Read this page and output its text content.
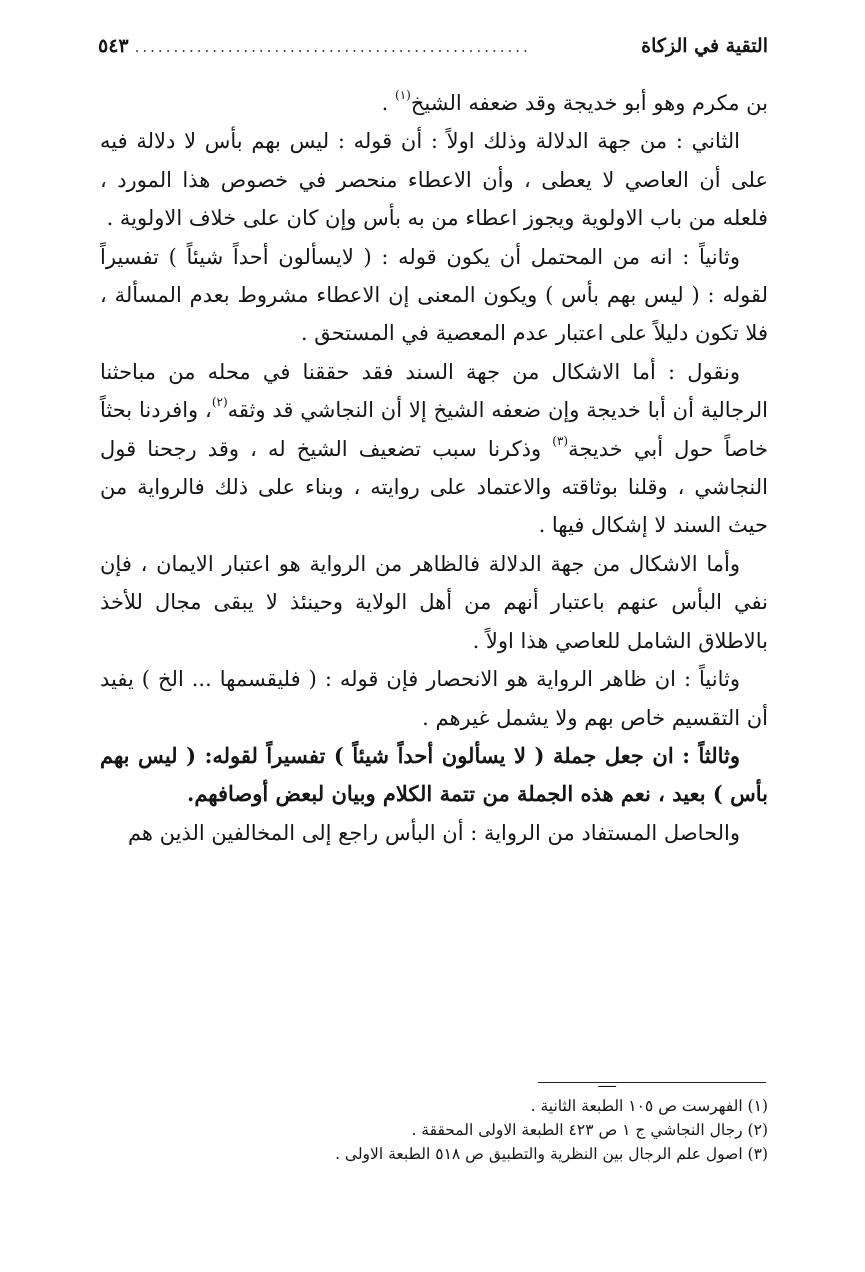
التقية في الزكاة
...................................................
٥٤٣

بن مكرم وهو أبو خديجة وقد ضعفه الشيخ$^{(١)}$ .

الثاني : من جهة الدلالة وذلك اولاً : أن قوله : ليس بهم بأس لا دلالة فيه على أن العاصي لا يعطى ، وأن الاعطاء منحصر في خصوص هذا المورد ، فلعله من باب الاولوية ويجوز اعطاء من به بأس وإن كان على خلاف الاولوية .

وثانياً : انه من المحتمل أن يكون قوله : ( لايسألون أحداً شيئاً ) تفسيراً لقوله : ( ليس بهم بأس ) ويكون المعنى إن الاعطاء مشروط بعدم المسألة ، فلا تكون دليلاً على اعتبار عدم المعصية في المستحق .

ونقول : أما الاشكال من جهة السند فقد حققنا في محله من مباحثنا الرجالية أن أبا خديجة وإن ضعفه الشيخ إلا أن النجاشي قد وثقه$^{(٢)}$، وافردنا بحثاً خاصاً حول أبي خديجة$^{(٣)}$ وذكرنا سبب تضعيف الشيخ له ، وقد رجحنا قول النجاشي ، وقلنا بوثاقته والاعتماد على روايته ، وبناء على ذلك فالرواية من حيث السند لا إشكال فيها .

وأما الاشكال من جهة الدلالة فالظاهر من الرواية هو اعتبار الايمان ، فإن نفي البأس عنهم باعتبار أنهم من أهل الولاية وحينئذ لا يبقى مجال للأخذ بالاطلاق الشامل للعاصي هذا اولاً .

وثانياً : ان ظاهر الرواية هو الانحصار فإن قوله : ( فليقسمها ... الخ ) يفيد أن التقسيم خاص بهم ولا يشمل غيرهم .

وثالثاً : ان جعل جملة ( لا يسألون أحداً شيئاً ) تفسيراً لقوله: ( ليس بهم بأس ) بعيد ، نعم هذه الجملة من تتمة الكلام وبيان لبعض أوصافهم.

والحاصل المستفاد من الرواية : أن البأس راجع إلى المخالفين الذين هم

ـــــ
(١) الفهرست ص ١٠٥ الطبعة الثانية .
(٢) رجال النجاشي ج ١ ص ٤٢٣ الطبعة الاولى المحققة .
(٣) اصول علم الرجال بين النظرية والتطبيق ص ٥١٨ الطبعة الاولى .
